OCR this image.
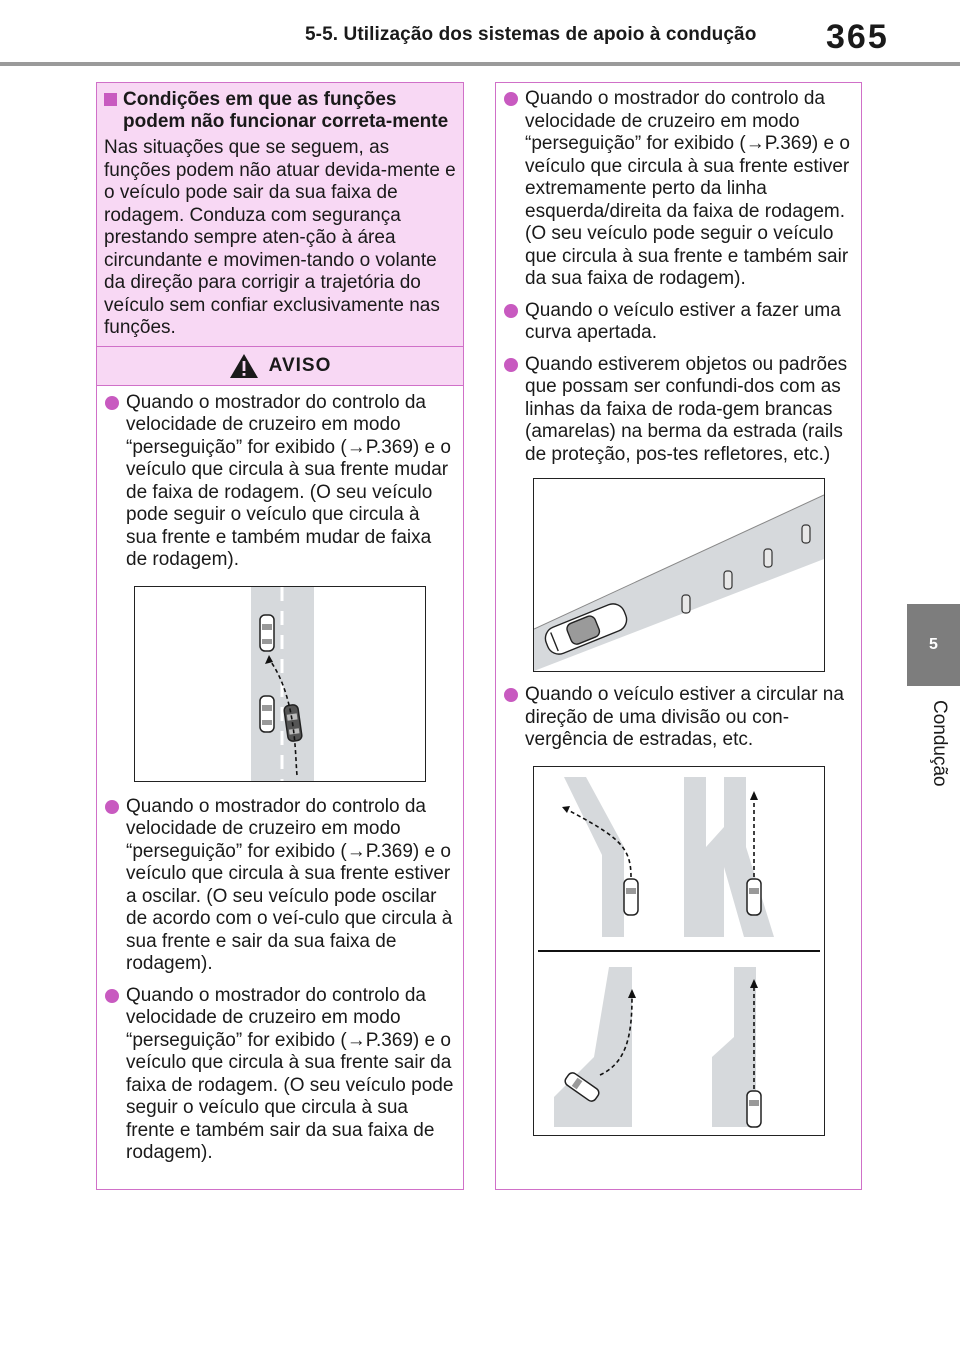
5-5. Utilização dos sistemas de apoio à condução 365
5
Condução
Condições em que as funções podem não funcionar correta-mente
Nas situações que se seguem, as funções podem não atuar devida-mente e o veículo pode sair da sua faixa de rodagem. Conduza com segurança prestando sempre aten-ção à área circundante e movimen-tando o volante da direção para corrigir a trajetória do veículo sem confiar exclusivamente nas funções.
AVISO
Quando o mostrador do controlo da velocidade de cruzeiro em modo “perseguição” for exibido (→P.369) e o veículo que circula à sua frente mudar de faixa de rodagem. (O seu veículo pode seguir o veículo que circula à sua frente e também mudar de faixa de rodagem).
Quando o mostrador do controlo da velocidade de cruzeiro em modo “perseguição” for exibido (→P.369) e o veículo que circula à sua frente estiver a oscilar. (O seu veículo pode oscilar de acordo com o veí-culo que circula à sua frente e sair da sua faixa de rodagem).
Quando o mostrador do controlo da velocidade de cruzeiro em modo “perseguição” for exibido (→P.369) e o veículo que circula à sua frente sair da faixa de rodagem. (O seu veículo pode seguir o veículo que circula à sua frente e também sair da sua faixa de rodagem).
Quando o mostrador do controlo da velocidade de cruzeiro em modo “perseguição” for exibido (→P.369) e o veículo que circula à sua frente estiver extremamente perto da linha esquerda/direita da faixa de rodagem. (O seu veículo pode seguir o veículo que circula à sua frente e também sair da sua faixa de rodagem).
Quando o veículo estiver a fazer uma curva apertada.
Quando estiverem objetos ou padrões que possam ser confundi-dos com as linhas da faixa de roda-gem brancas (amarelas) na berma da estrada (rails de proteção, pos-tes refletores, etc.)
Quando o veículo estiver a circular na direção de uma divisão ou con-vergência de estradas, etc.
